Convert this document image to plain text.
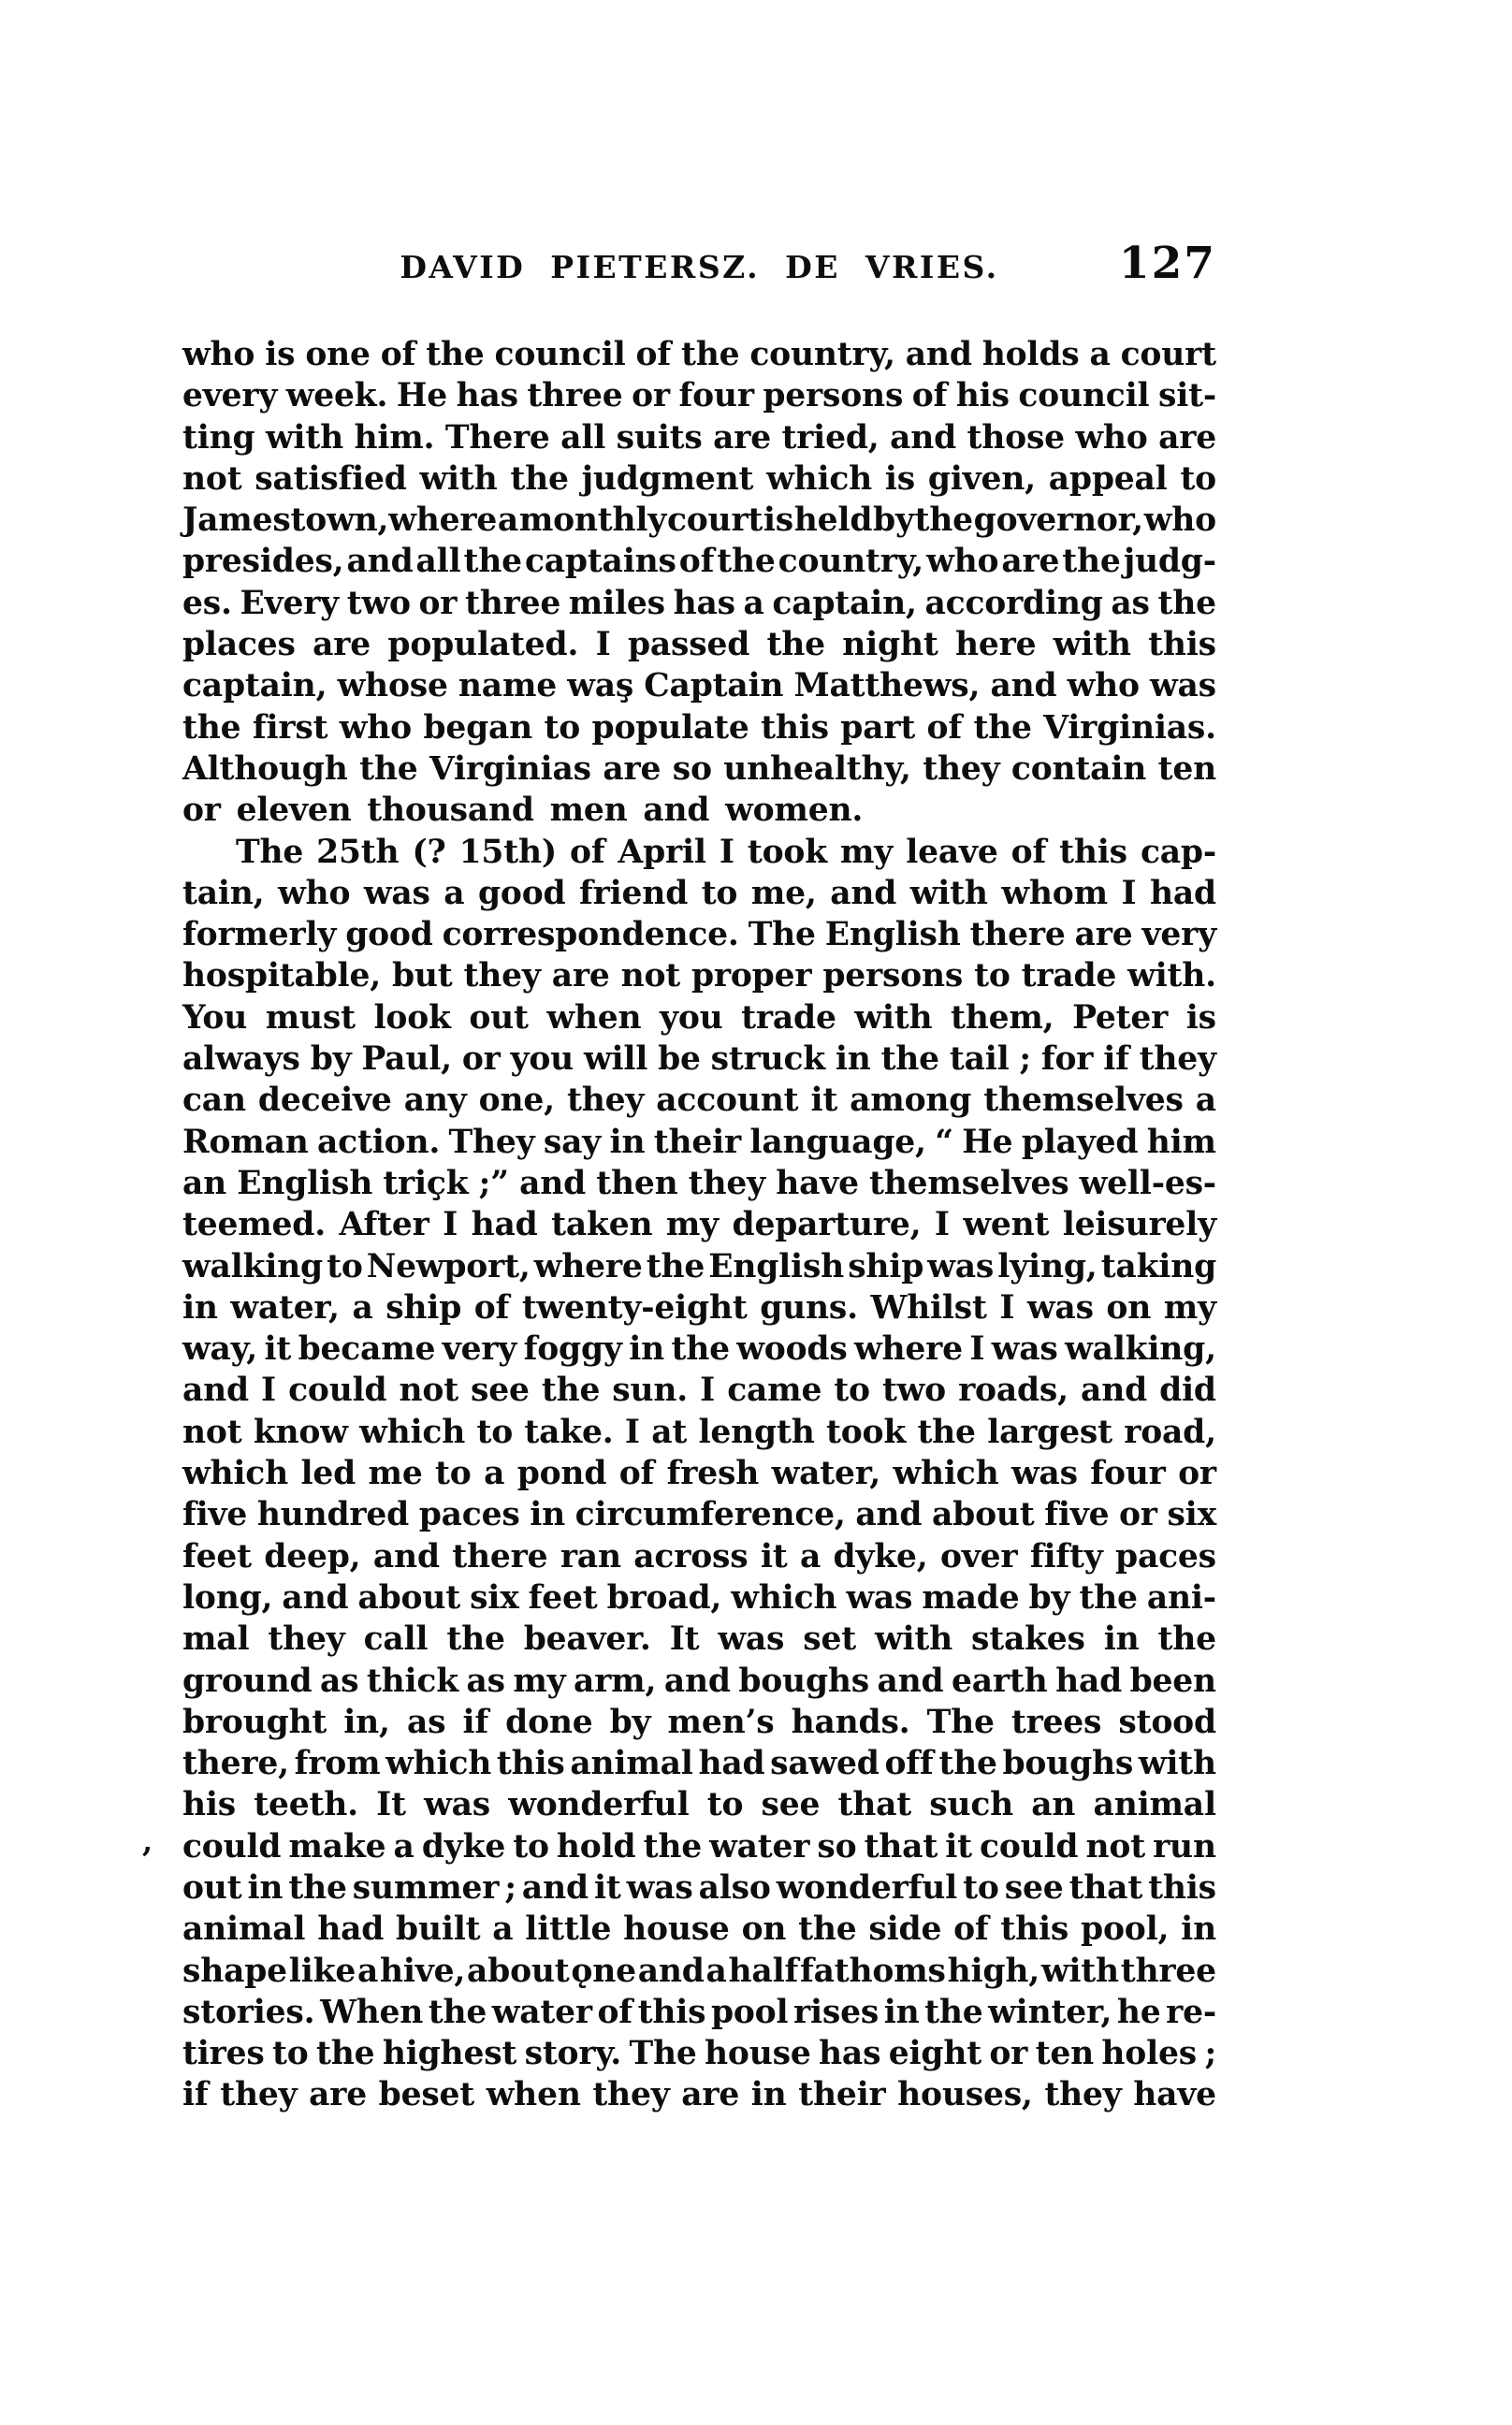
DAVID PIETERSZ. DE VRIES.	127
,
who is one of the council of the country, and holds a court
every week. He has three or four persons of his council sit-
ting with him. There all suits are tried, and those who are
not satisfied with the judgment which is given, appeal to
Jamestown,where a monthly court is held by the governor, who
presides, and all the captains of the country, who are the judg-
es. Every two or three miles has a captain, according as the
places are populated. I passed the night here with this
captain, whose name waş Captain Matthews, and who was
the first who began to populate this part of the Virginias.
Although the Virginias are so unhealthy, they contain ten
or eleven thousand men and women.
The 25th (? 15th) of April I took my leave of this cap-
tain, who was a good friend to me, and with whom I had
formerly good correspondence. The English there are very
hospitable, but they are not proper persons to trade with.
You must look out when you trade with them, Peter is
always by Paul, or you will be struck in the tail ; for if they
can deceive any one, they account it among themselves a
Roman action. They say in their language, “ He played him
an English triçk ;” and then they have themselves well-es-
teemed. After I had taken my departure, I went leisurely
walking to Newport, where the English ship was lying, taking
in water, a ship of twenty-eight guns. Whilst I was on my
way, it became very foggy in the woods where I was walking,
and I could not see the sun. I came to two roads, and did
not know which to take. I at length took the largest road,
which led me to a pond of fresh water, which was four or
five hundred paces in circumference, and about five or six
feet deep, and there ran across it a dyke, over fifty paces
long, and about six feet broad, which was made by the ani-
mal they call the beaver. It was set with stakes in the
ground as thick as my arm, and boughs and earth had been
brought in, as if done by men’s hands. The trees stood
there, from which this animal had sawed off the boughs with
his teeth. It was wonderful to see that such an animal
could make a dyke to hold the water so that it could not run
out in the summer ; and it was also wonderful to see that this
animal had built a little house on the side of this pool, in
shape like a hive, about ǫne and a half fathoms high, with three
stories. When the water of this pool rises in the winter, he re-
tires to the highest story. The house has eight or ten holes ;
if they are beset when they are in their houses, they have
